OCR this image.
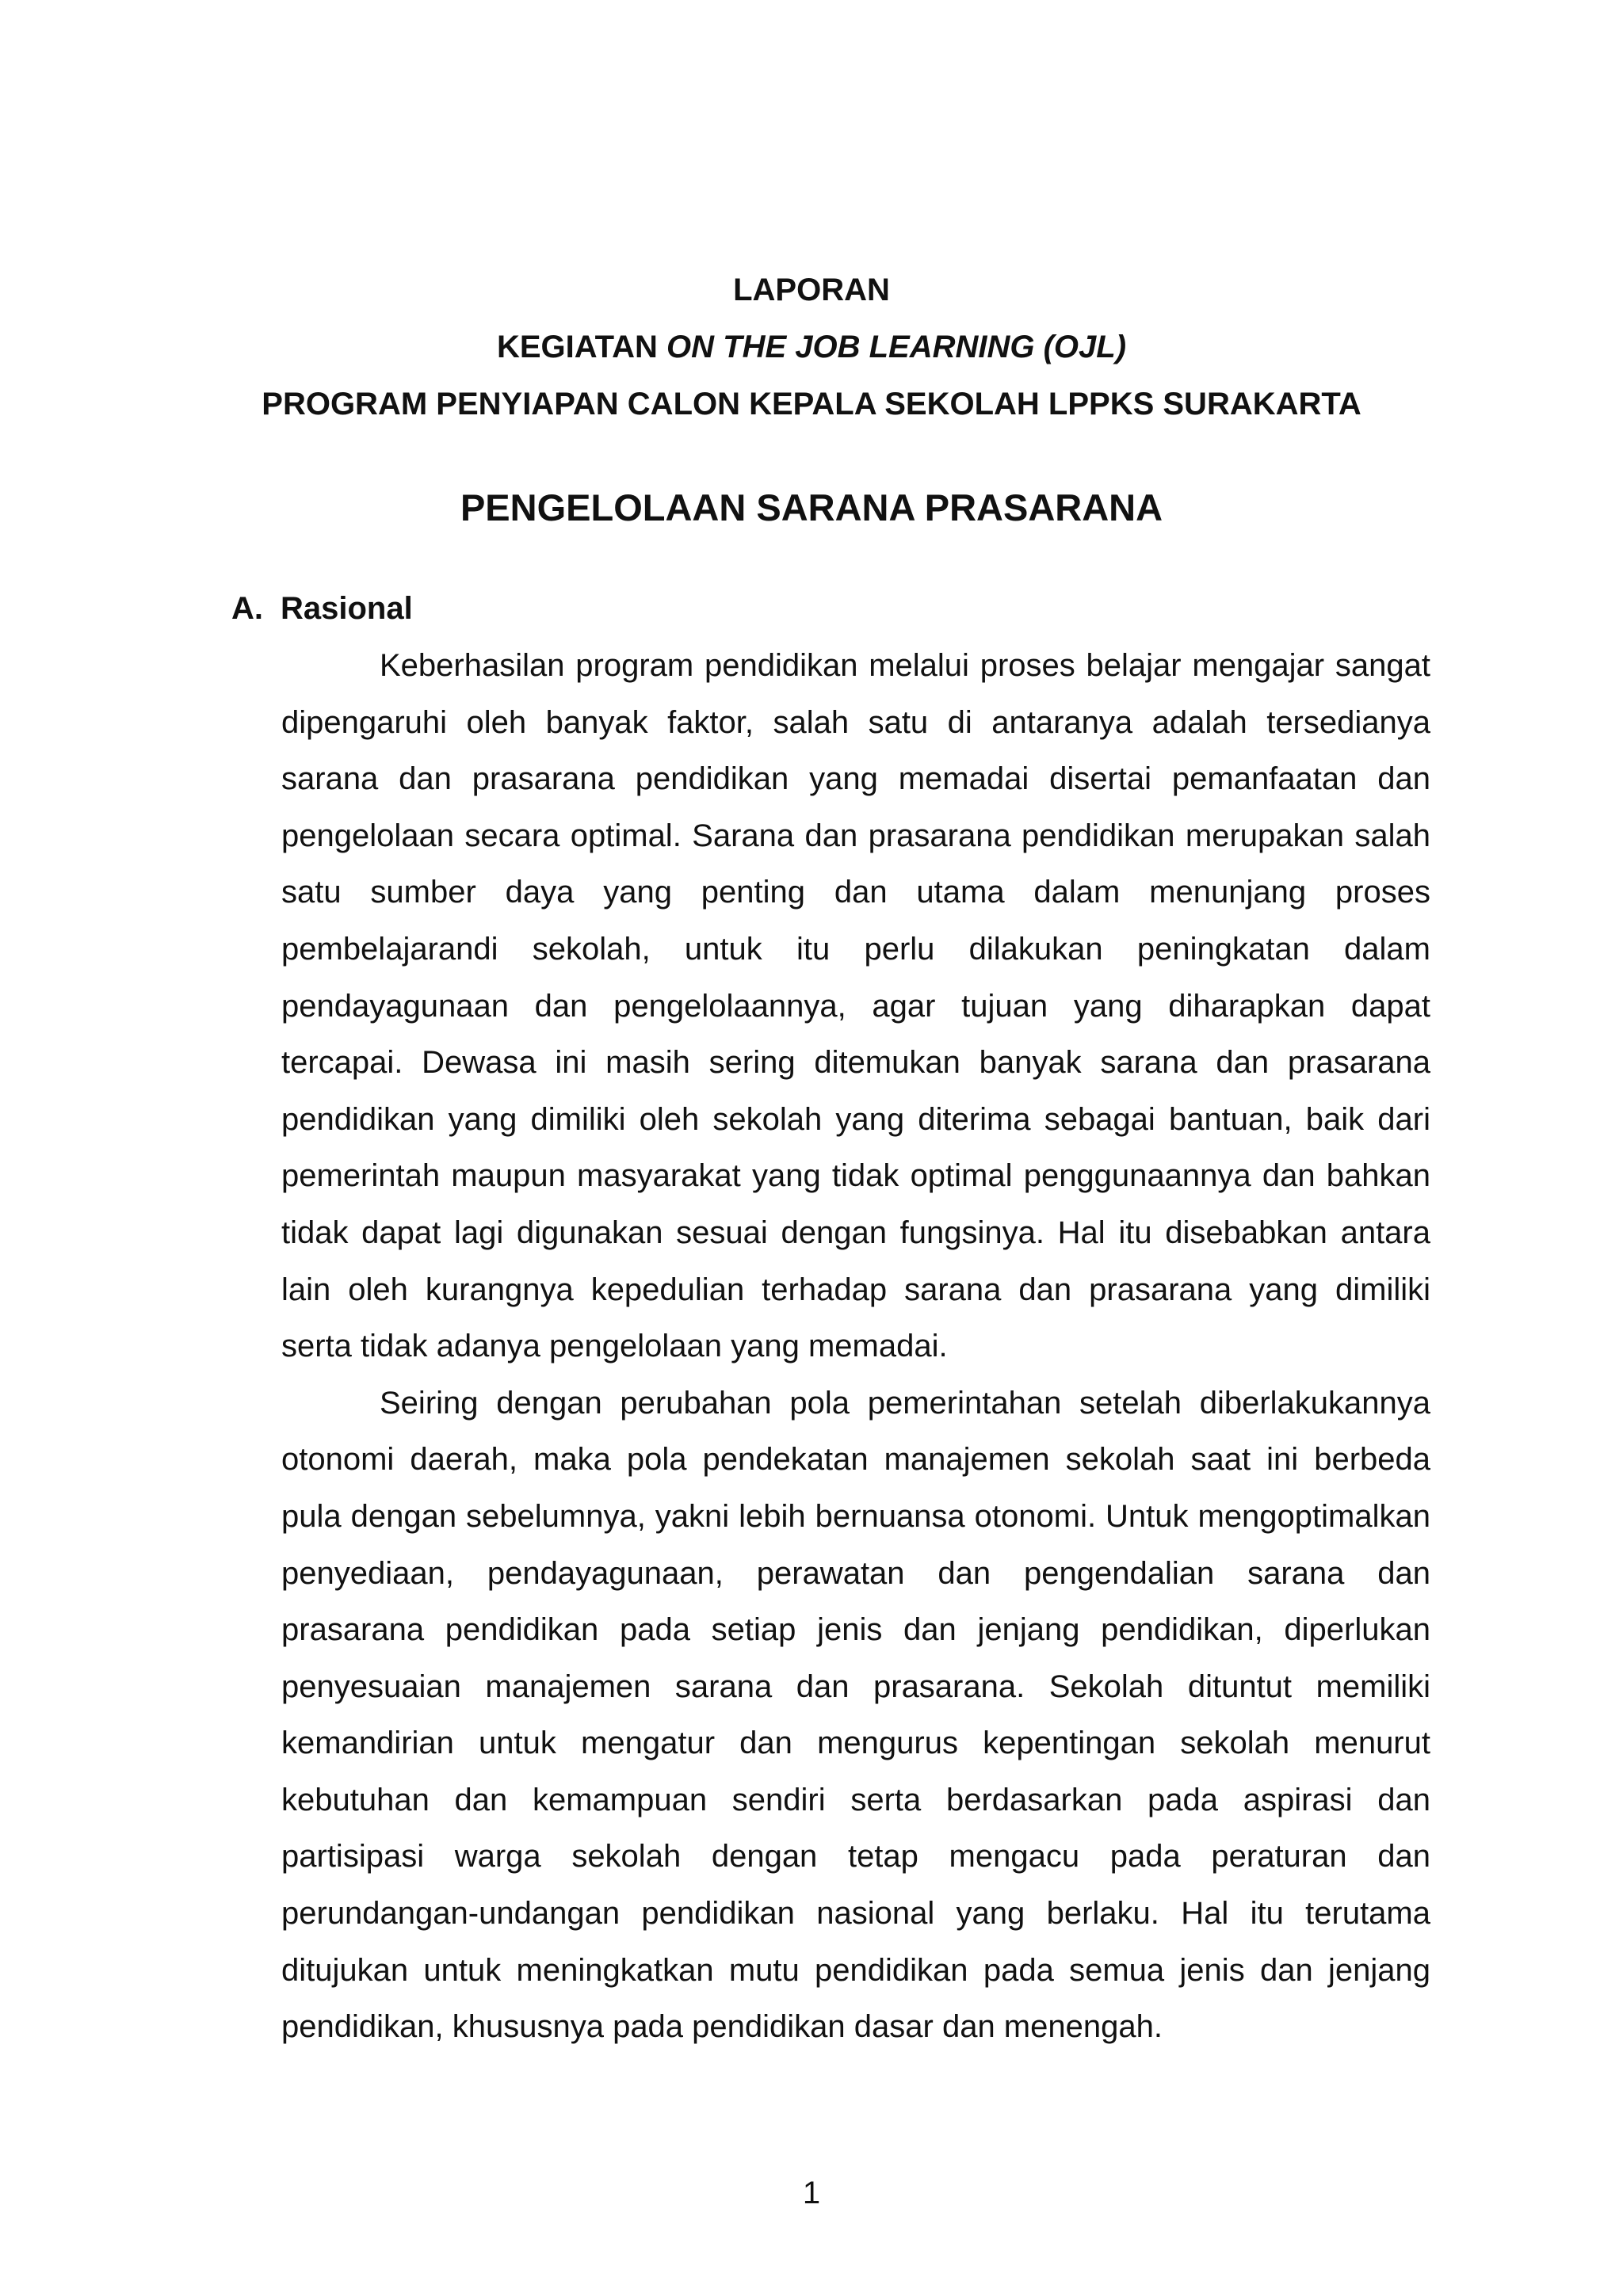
LAPORAN
KEGIATAN ON THE JOB LEARNING (OJL)
PROGRAM PENYIAPAN CALON KEPALA SEKOLAH LPPKS SURAKARTA
PENGELOLAAN SARANA PRASARANA
A. Rasional

Keberhasilan program pendidikan melalui proses belajar mengajar sangat dipengaruhi oleh banyak faktor, salah satu di antaranya adalah tersedianya sarana dan prasarana pendidikan yang memadai disertai pemanfaatan dan pengelolaan secara optimal. Sarana dan prasarana pendidikan merupakan salah satu sumber daya yang penting dan utama dalam menunjang proses pembelajarandi sekolah, untuk itu perlu dilakukan peningkatan dalam pendayagunaan dan pengelolaannya, agar tujuan yang diharapkan dapat tercapai. Dewasa ini masih sering ditemukan banyak sarana dan prasarana pendidikan yang dimiliki oleh sekolah yang diterima sebagai bantuan, baik dari pemerintah maupun masyarakat yang tidak optimal penggunaannya dan bahkan tidak dapat lagi digunakan sesuai dengan fungsinya. Hal itu disebabkan antara lain oleh kurangnya kepedulian terhadap sarana dan prasarana yang dimiliki serta tidak adanya pengelolaan yang memadai.

Seiring dengan perubahan pola pemerintahan setelah diberlakukannya otonomi daerah, maka pola pendekatan manajemen sekolah saat ini berbeda pula dengan sebelumnya, yakni lebih bernuansa otonomi. Untuk mengoptimalkan penyediaan, pendayagunaan, perawatan dan pengendalian sarana dan prasarana pendidikan pada setiap jenis dan jenjang pendidikan, diperlukan penyesuaian manajemen sarana dan prasarana. Sekolah dituntut memiliki kemandirian untuk mengatur dan mengurus kepentingan sekolah menurut kebutuhan dan kemampuan sendiri serta berdasarkan pada aspirasi dan partisipasi warga sekolah dengan tetap mengacu pada peraturan dan perundangan-undangan pendidikan nasional yang berlaku. Hal itu terutama ditujukan untuk meningkatkan mutu pendidikan pada semua jenis dan jenjang pendidikan, khususnya pada pendidikan dasar dan menengah.

1
